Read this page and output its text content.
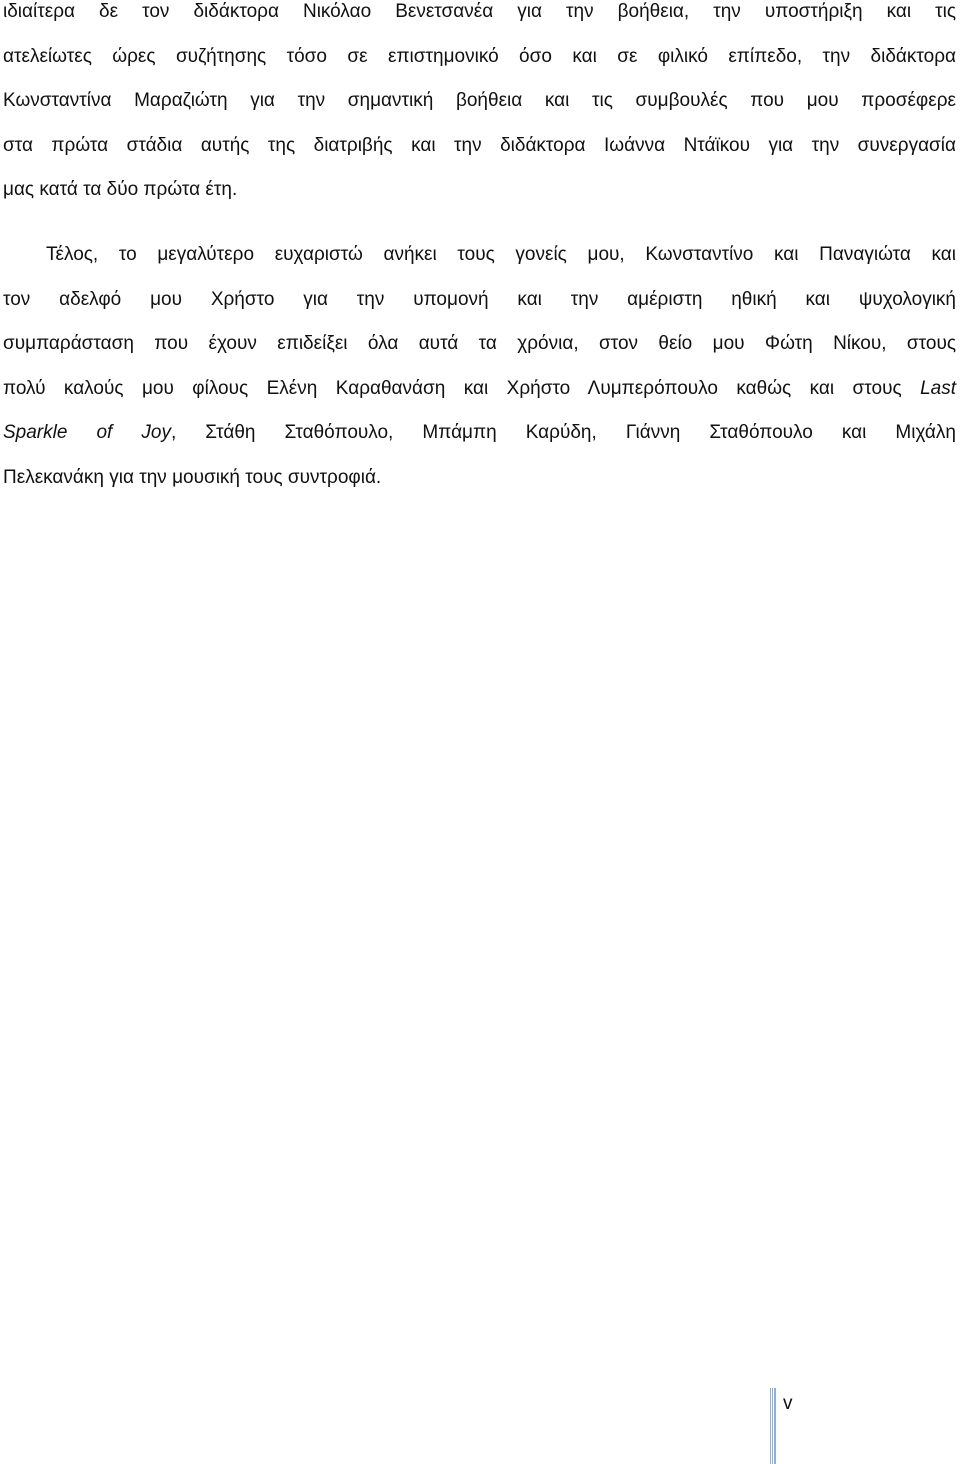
ιδιαίτερα δε τον διδάκτορα Νικόλαο Βενετσανέα για την βοήθεια, την υποστήριξη και τις
ατελείωτες ώρες συζήτησης τόσο σε επιστημονικό όσο και σε φιλικό επίπεδο, την διδάκτορα
Κωνσταντίνα Μαραζιώτη για την σημαντική βοήθεια και τις συμβουλές που μου προσέφερε
στα πρώτα στάδια αυτής της διατριβής και την διδάκτορα Ιωάννα Ντάϊκου για την συνεργασία
μας κατά τα δύο πρώτα έτη.

Τέλος, το μεγαλύτερο ευχαριστώ ανήκει τους γονείς μου, Κωνσταντίνο και Παναγιώτα και
τον αδελφό μου Χρήστο για την υπομονή και την αμέριστη ηθική και ψυχολογική
συμπαράσταση που έχουν επιδείξει όλα αυτά τα χρόνια, στον θείο μου Φώτη Νίκου, στους
πολύ καλούς μου φίλους Ελένη Καραθανάση και Χρήστο Λυμπερόπουλο καθώς και στους Last
Sparkle of Joy, Στάθη Σταθόπουλο, Μπάμπη Καρύδη, Γιάννη Σταθόπουλο και Μιχάλη
Πελεκανάκη για την μουσική τους συντροφιά.

v
